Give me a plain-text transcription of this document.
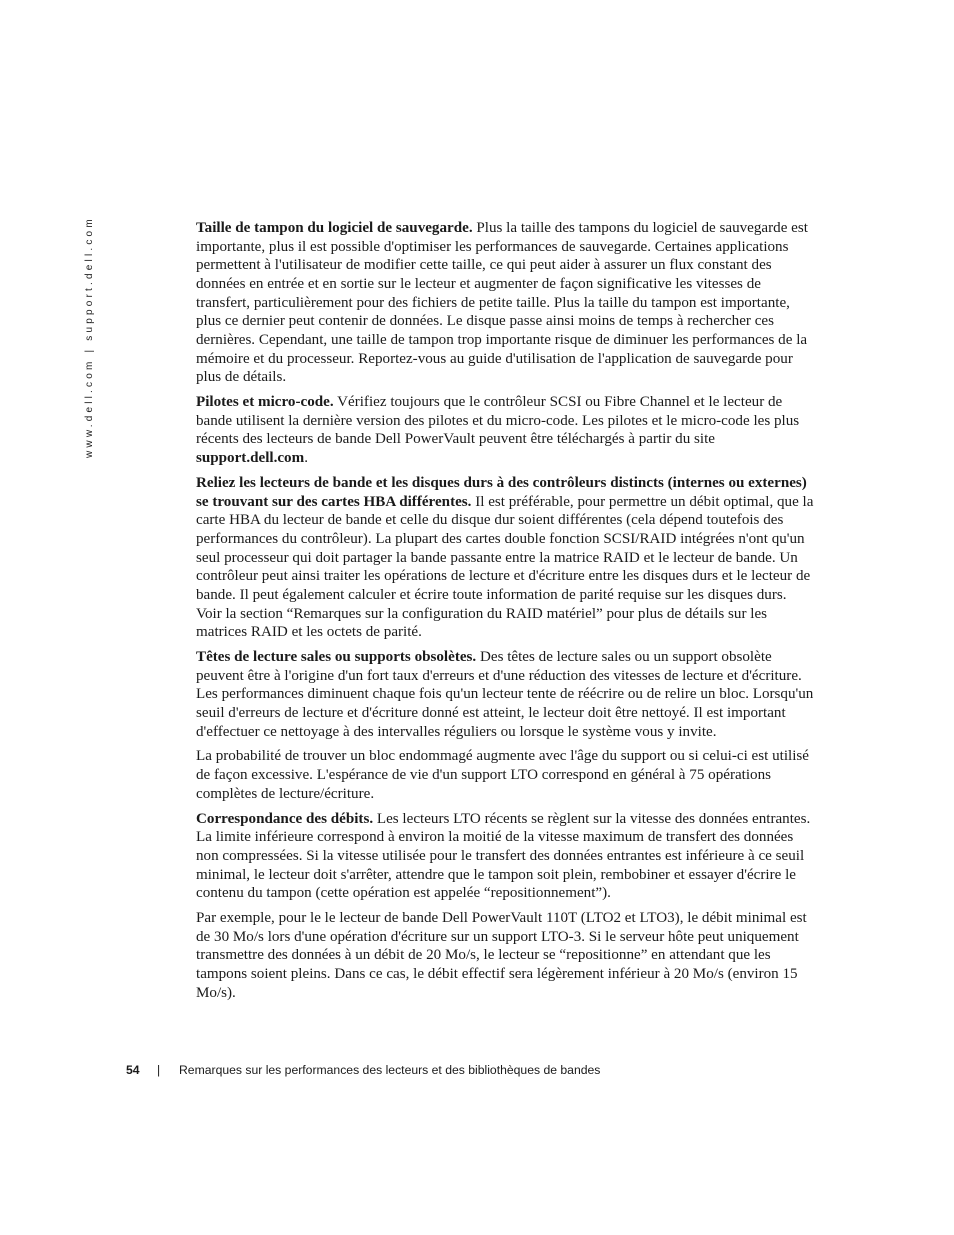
www.dell.com | support.dell.com	Taille de tampon du logiciel de sauvegarde. Plus la taille des tampons du logiciel de sauvegarde est importante, plus il est possible d'optimiser les performances de sauvegarde. Certaines applications permettent à l'utilisateur de modifier cette taille, ce qui peut aider à assurer un flux constant des données en entrée et en sortie sur le lecteur et augmenter de façon significative les vitesses de transfert, particulièrement pour des fichiers de petite taille. Plus la taille du tampon est importante, plus ce dernier peut contenir de données. Le disque passe ainsi moins de temps à rechercher ces dernières. Cependant, une taille de tampon trop importante risque de diminuer les performances de la mémoire et du processeur. Reportez-vous au guide d'utilisation de l'application de sauvegarde pour plus de détails.

Pilotes et micro-code. Vérifiez toujours que le contrôleur SCSI ou Fibre Channel et le lecteur de bande utilisent la dernière version des pilotes et du micro-code. Les pilotes et le micro-code les plus récents des lecteurs de bande Dell PowerVault peuvent être téléchargés à partir du site support.dell.com.

Reliez les lecteurs de bande et les disques durs à des contrôleurs distincts (internes ou externes) se trouvant sur des cartes HBA différentes. Il est préférable, pour permettre un débit optimal, que la carte HBA du lecteur de bande et celle du disque dur soient différentes (cela dépend toutefois des performances du contrôleur). La plupart des cartes double fonction SCSI/RAID intégrées n'ont qu'un seul processeur qui doit partager la bande passante entre la matrice RAID et le lecteur de bande. Un contrôleur peut ainsi traiter les opérations de lecture et d'écriture entre les disques durs et le lecteur de bande. Il peut également calculer et écrire toute information de parité requise sur les disques durs. Voir la section “Remarques sur la configuration du RAID matériel” pour plus de détails sur les matrices RAID et les octets de parité.

Têtes de lecture sales ou supports obsolètes. Des têtes de lecture sales ou un support obsolète peuvent être à l'origine d'un fort taux d'erreurs et d'une réduction des vitesses de lecture et d'écriture. Les performances diminuent chaque fois qu'un lecteur tente de réécrire ou de relire un bloc. Lorsqu'un seuil d'erreurs de lecture et d'écriture donné est atteint, le lecteur doit être nettoyé. Il est important d'effectuer ce nettoyage à des intervalles réguliers ou lorsque le système vous y invite.

La probabilité de trouver un bloc endommagé augmente avec l'âge du support ou si celui-ci est utilisé de façon excessive. L'espérance de vie d'un support LTO correspond en général à 75 opérations complètes de lecture/écriture.

Correspondance des débits. Les lecteurs LTO récents se règlent sur la vitesse des données entrantes. La limite inférieure correspond à environ la moitié de la vitesse maximum de transfert des données non compressées. Si la vitesse utilisée pour le transfert des données entrantes est inférieure à ce seuil minimal, le lecteur doit s'arrêter, attendre que le tampon soit plein, rembobiner et essayer d'écrire le contenu du tampon (cette opération est appelée “repositionnement”).

Par exemple, pour le le lecteur de bande Dell PowerVault 110T (LTO2 et LTO3), le débit minimal est de 30 Mo/s lors d'une opération d'écriture sur un support LTO-3. Si le serveur hôte peut uniquement transmettre des données à un débit de 20 Mo/s, le lecteur se “repositionne” en attendant que les tampons soient pleins. Dans ce cas, le débit effectif sera légèrement inférieur à 20 Mo/s (environ 15 Mo/s).

54 | Remarques sur les performances des lecteurs et des bibliothèques de bandes
